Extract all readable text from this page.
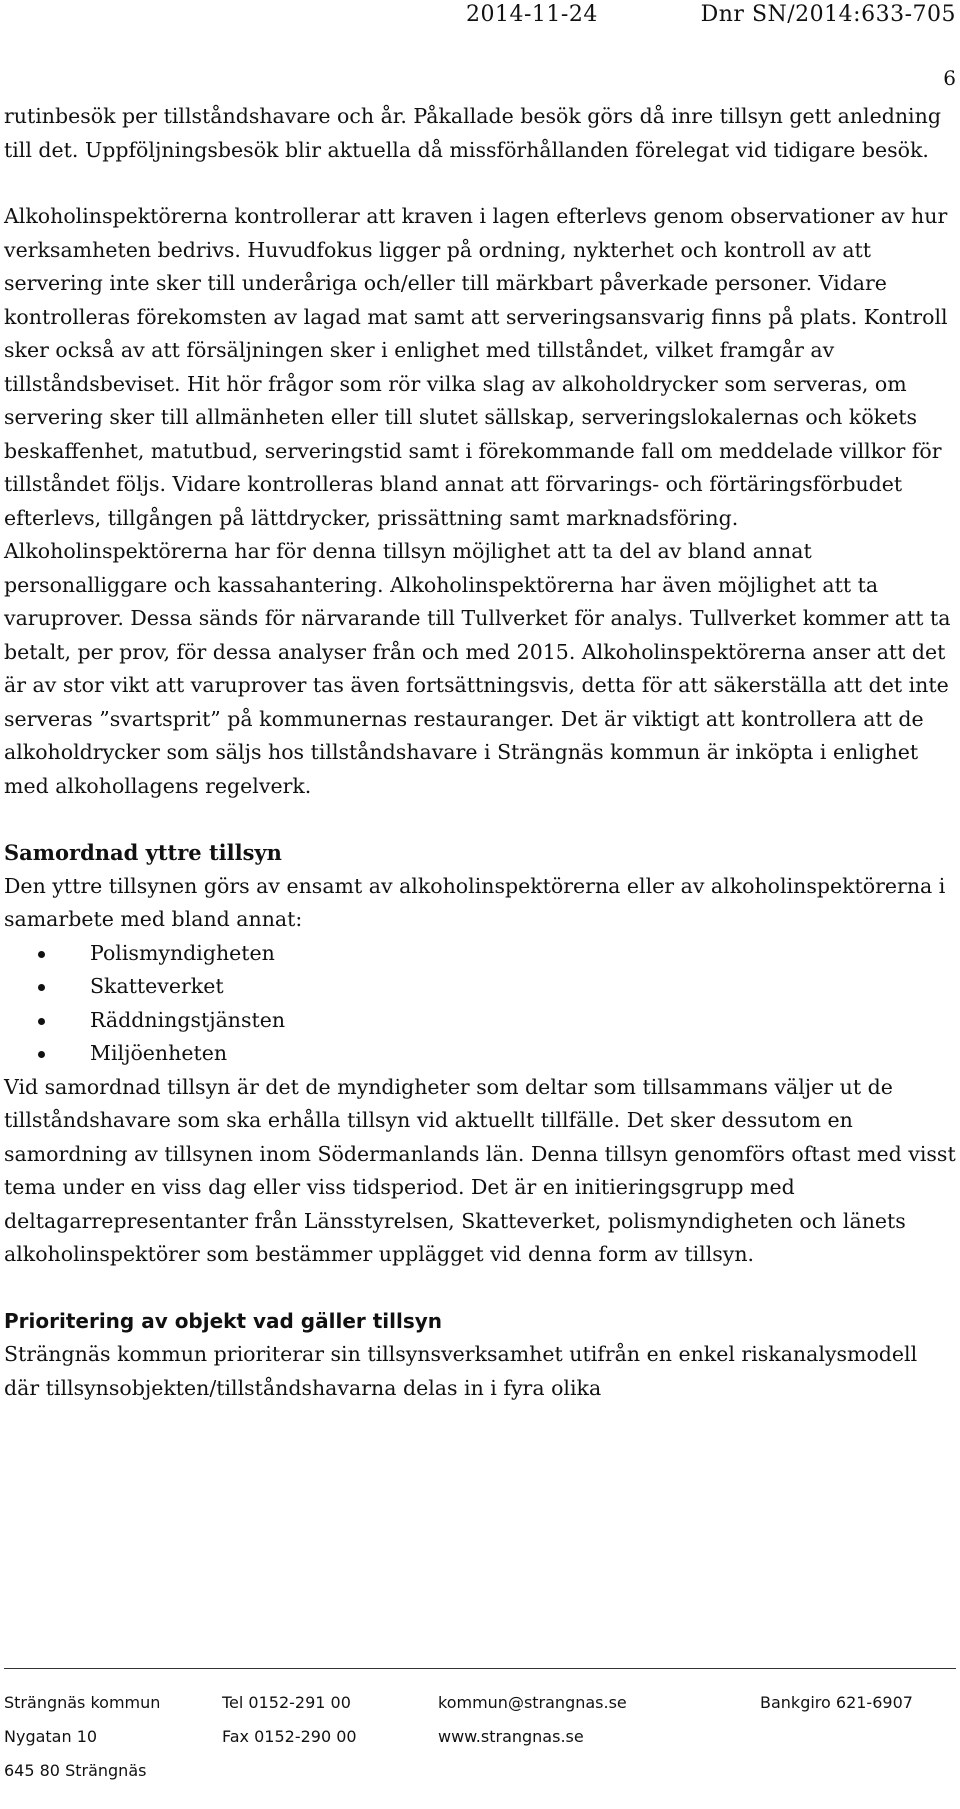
2014-11-24	Dnr SN/2014:633-705
6

rutinbesök per tillståndshavare och år. Påkallade besök görs då inre tillsyn gett anledning till det. Uppföljningsbesök blir aktuella då missförhållanden förelegat vid tidigare besök.

Alkoholinspektörerna kontrollerar att kraven i lagen efterlevs genom observationer av hur verksamheten bedrivs. Huvudfokus ligger på ordning, nykterhet och kontroll av att servering inte sker till underåriga och/eller till märkbart påverkade personer. Vidare kontrolleras förekomsten av lagad mat samt att serveringsansvarig finns på plats. Kontroll sker också av att försäljningen sker i enlighet med tillståndet, vilket framgår av tillståndsbeviset. Hit hör frågor som rör vilka slag av alkoholdrycker som serveras, om servering sker till allmänheten eller till slutet sällskap, serveringslokalernas och kökets beskaffenhet, matutbud, serveringstid samt i förekommande fall om meddelade villkor för tillståndet följs. Vidare kontrolleras bland annat att förvarings- och förtäringsförbudet efterlevs, tillgången på lättdrycker, prissättning samt marknadsföring. Alkoholinspektörerna har för denna tillsyn möjlighet att ta del av bland annat personalliggare och kassahantering. Alkoholinspektörerna har även möjlighet att ta varuprover. Dessa sänds för närvarande till Tullverket för analys. Tullverket kommer att ta betalt, per prov, för dessa analyser från och med 2015. Alkoholinspektörerna anser att det är av stor vikt att varuprover tas även fortsättningsvis, detta för att säkerställa att det inte serveras ”svartsprit” på kommunernas restauranger. Det är viktigt att kontrollera att de alkoholdrycker som säljs hos tillståndshavare i Strängnäs kommun är inköpta i enlighet med alkohollagens regelverk.

Samordnad yttre tillsyn

Den yttre tillsynen görs av ensamt av alkoholinspektörerna eller av alkoholinspektörerna i samarbete med bland annat:

Polismyndigheten
Skatteverket
Räddningstjänsten
Miljöenheten

Vid samordnad tillsyn är det de myndigheter som deltar som tillsammans väljer ut de tillståndshavare som ska erhålla tillsyn vid aktuellt tillfälle. Det sker dessutom en samordning av tillsynen inom Södermanlands län. Denna tillsyn genomförs oftast med visst tema under en viss dag eller viss tidsperiod. Det är en initieringsgrupp med deltagarrepresentanter från Länsstyrelsen, Skatteverket, polismyndigheten och länets alkoholinspektörer som bestämmer upplägget vid denna form av tillsyn.

Prioritering av objekt vad gäller tillsyn

Strängnäs kommun prioriterar sin tillsynsverksamhet utifrån en enkel riskanalysmodell där tillsynsobjekten/tillståndshavarna delas in i fyra olika

Strängnäs kommun	Tel 0152-291 00	kommun@strangnas.se	Bankgiro 621-6907
Nygatan 10	Fax 0152-290 00	www.strangnas.se
645 80 Strängnäs
